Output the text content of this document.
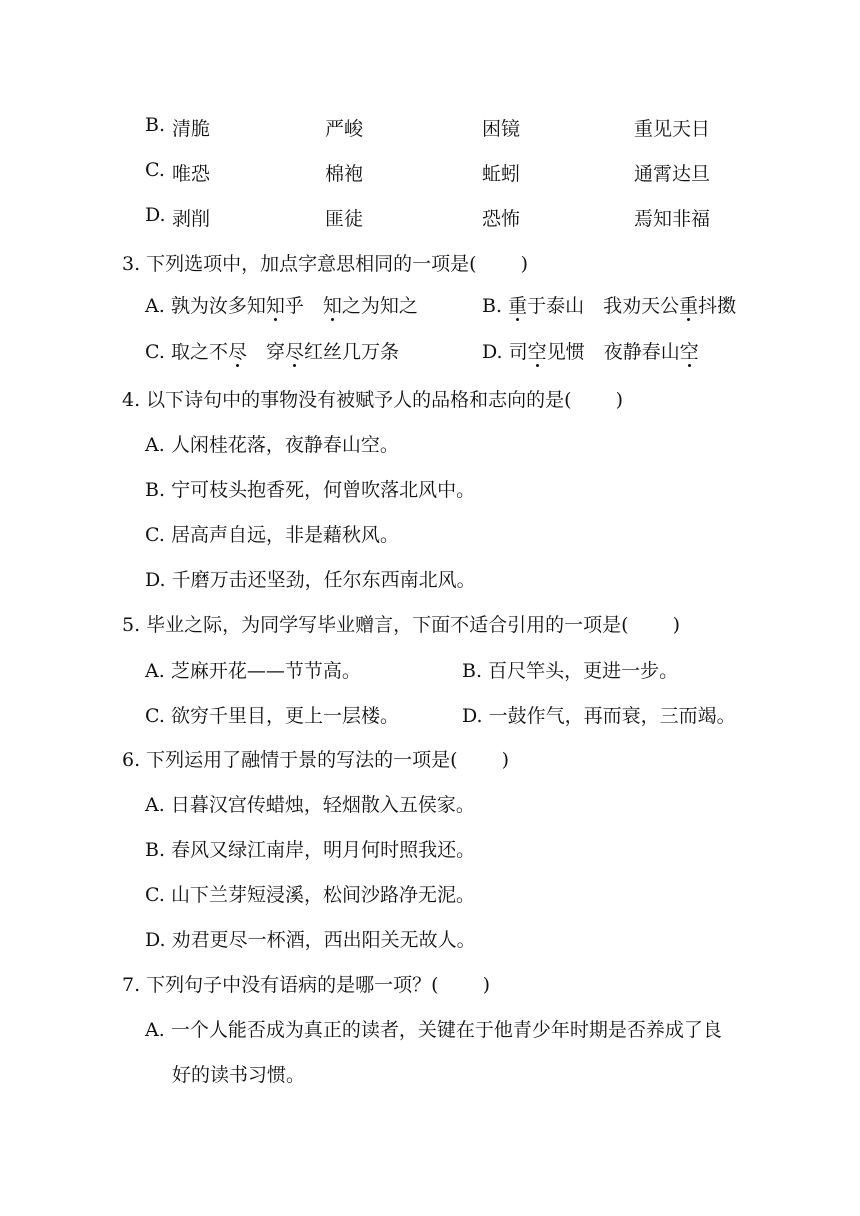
B. 清脆	严峻	困镜	重见天日
C. 唯恐	棉袍	蚯蚓	通霄达旦
D. 剥削	匪徒	恐怖	焉知非福
3. 下列选项中，加点字意思相同的一项是( )
A. 孰为汝多知知乎　 知之为知之	B. 重于泰山　 我劝天公重抖擞
C. 取之不尽　 穿尽红丝几万条	D. 司空见惯　 夜静春山空
4. 以下诗句中的事物没有被赋予人的品格和志向的是( )
A. 人闲桂花落，夜静春山空。
B. 宁可枝头抱香死，何曾吹落北风中。
C. 居高声自远，非是藉秋风。
D. 千磨万击还坚劲，任尔东西南北风。
5. 毕业之际，为同学写毕业赠言，下面不适合引用的一项是( )
A. 芝麻开花——节节高。	B. 百尺竿头，更进一步。
C. 欲穷千里目，更上一层楼。	D. 一鼓作气，再而衰，三而竭。
6. 下列运用了融情于景的写法的一项是( )
A. 日暮汉宫传蜡烛，轻烟散入五侯家。
B. 春风又绿江南岸，明月何时照我还。
C. 山下兰芽短浸溪，松间沙路净无泥。
D. 劝君更尽一杯酒，西出阳关无故人。
7. 下列句子中没有语病的是哪一项？( )
A. 一个人能否成为真正的读者，关键在于他青少年时期是否养成了良
好的读书习惯。
